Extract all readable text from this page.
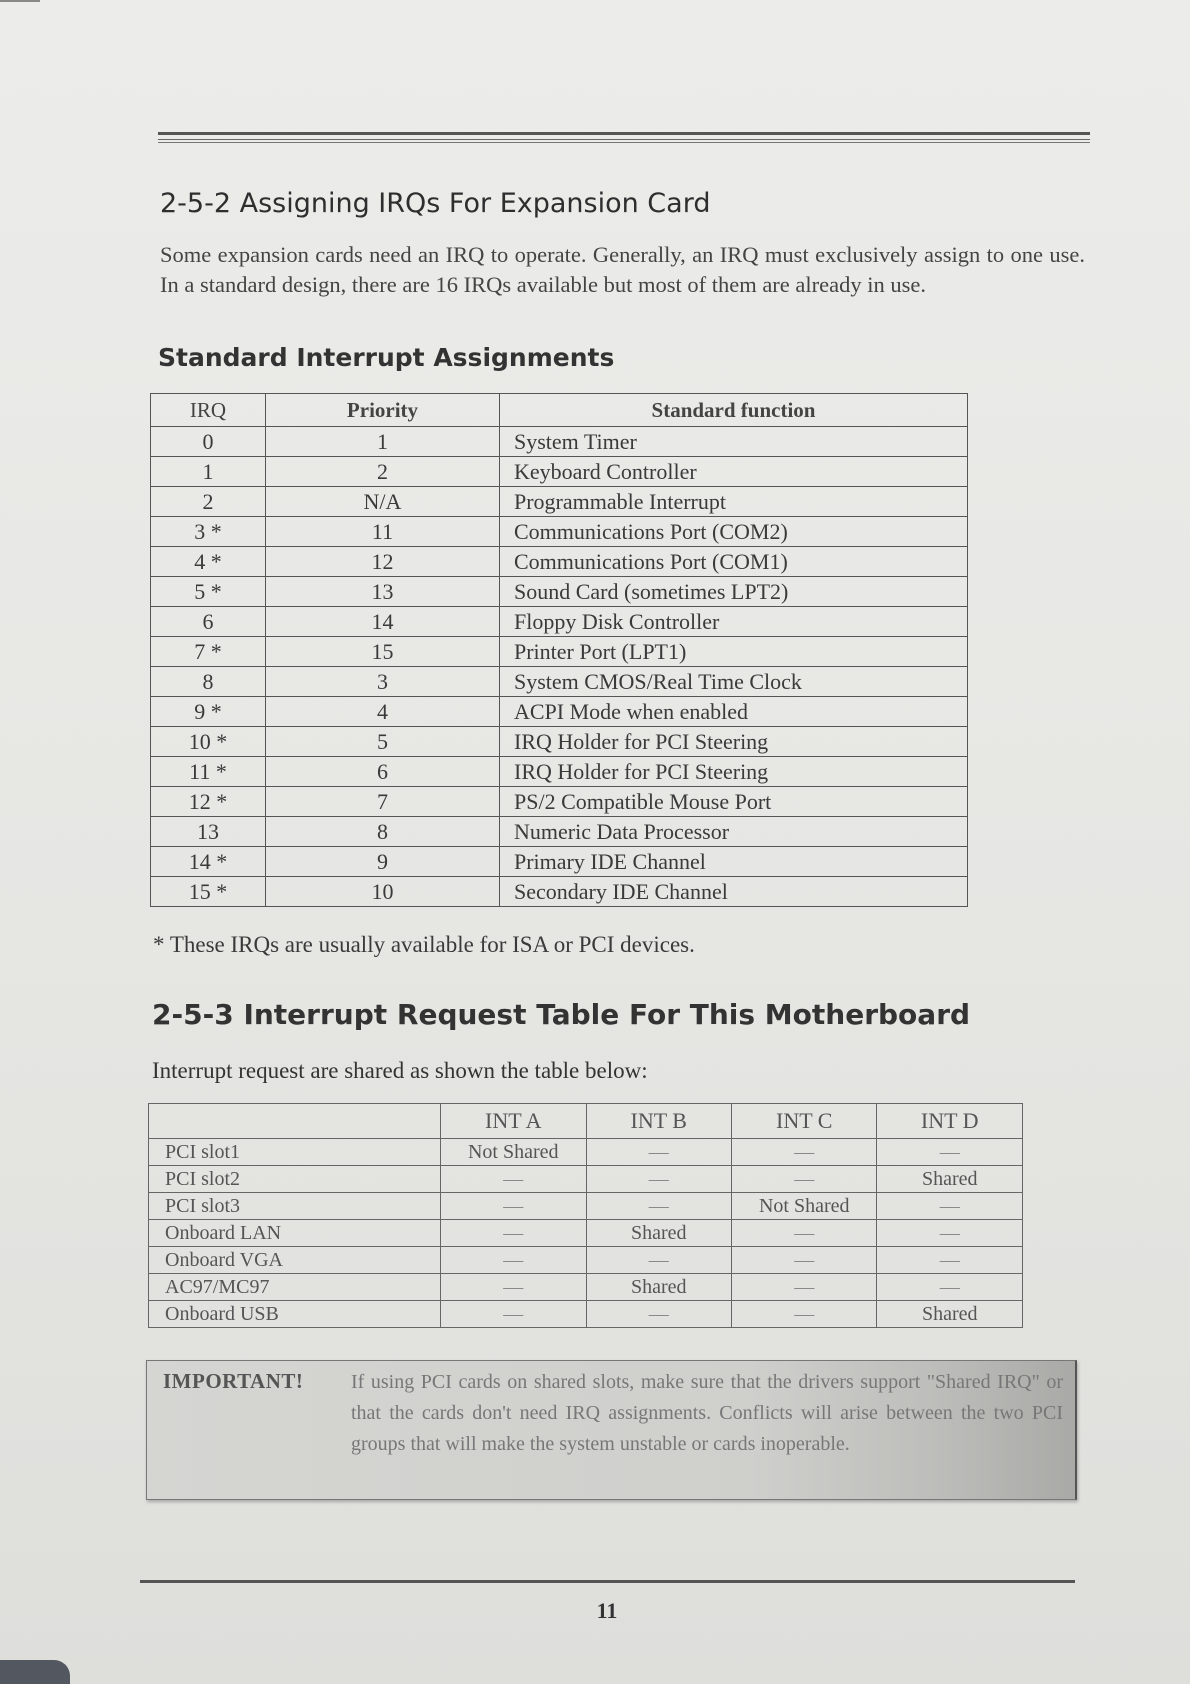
2-5-2 Assigning IRQs For Expansion Card

Some expansion cards need an IRQ to operate. Generally, an IRQ must exclusively assign to one use. In a standard design, there are 16 IRQs available but most of them are already in use.

Standard Interrupt Assignments
IRQ	Priority	Standard function
0	1	System Timer
1	2	Keyboard Controller
2	N/A	Programmable Interrupt
3 *	11	Communications Port (COM2)
4 *	12	Communications Port (COM1)
5 *	13	Sound Card (sometimes LPT2)
6	14	Floppy Disk Controller
7 *	15	Printer Port (LPT1)
8	3	System CMOS/Real Time Clock
9 *	4	ACPI Mode when enabled
10 *	5	IRQ Holder for PCI Steering
11 *	6	IRQ Holder for PCI Steering
12 *	7	PS/2 Compatible Mouse Port
13	8	Numeric Data Processor
14 *	9	Primary IDE Channel
15 *	10	Secondary IDE Channel

* These IRQs are usually available for ISA or PCI devices.

2-5-3 Interrupt Request Table For This Motherboard

Interrupt request are shared as shown the table below:

	INT A	INT B	INT C	INT D
PCI slot1	Not Shared	—	—	—
PCI slot2	—	—	—	Shared
PCI slot3	—	—	Not Shared	—
Onboard LAN	—	Shared	—	—
Onboard VGA	—	—	—	—
AC97/MC97	—	Shared	—	—
Onboard USB	—	—	—	Shared

IMPORTANT! If using PCI cards on shared slots, make sure that the drivers support "Shared IRQ" or that the cards don't need IRQ assignments. Conflicts will arise between the two PCI groups that will make the system unstable or cards inoperable.

11
